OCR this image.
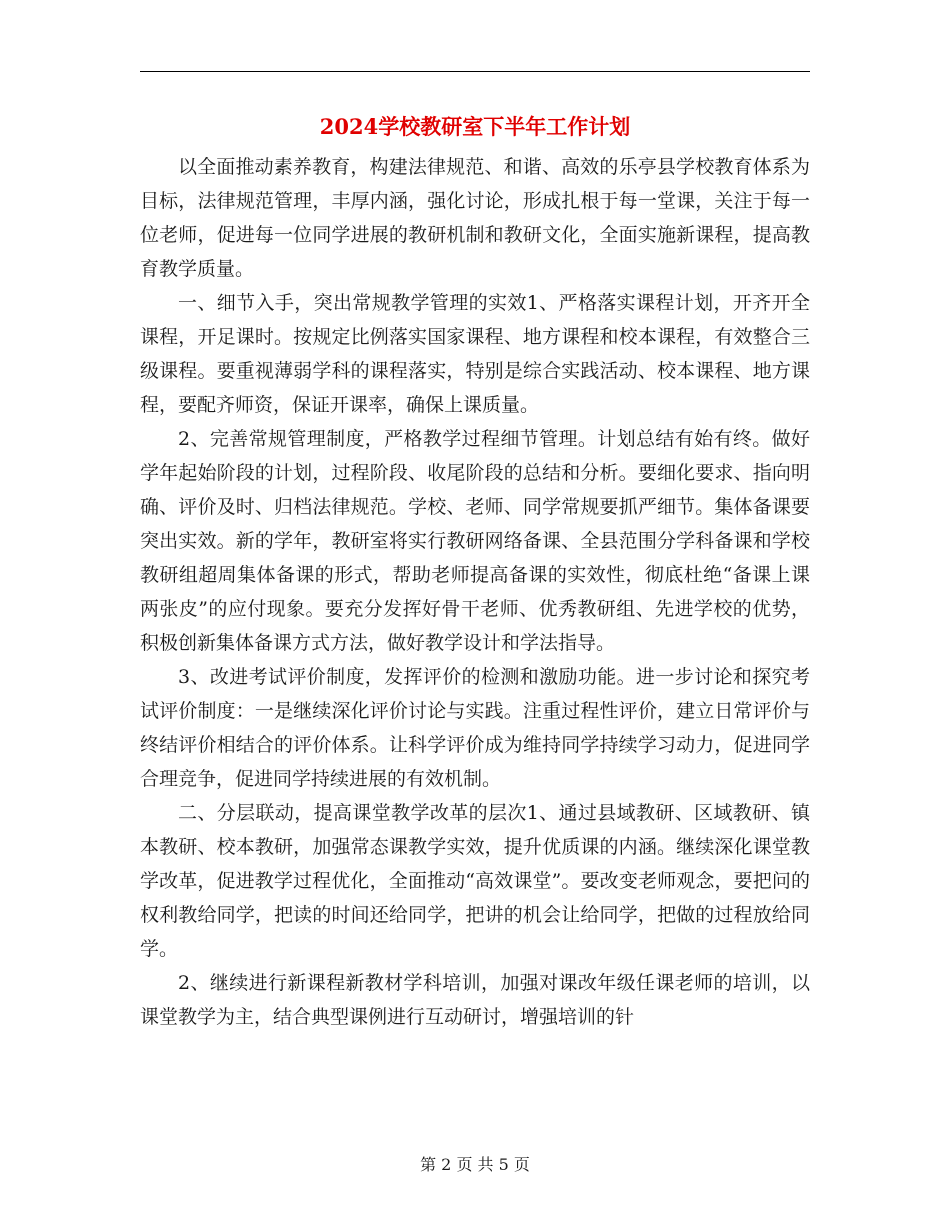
2024学校教研室下半年工作计划

以全面推动素养教育，构建法律规范、和谐、高效的乐亭县学校教育体系为目标，法律规范管理，丰厚内涵，强化讨论，形成扎根于每一堂课，关注于每一位老师，促进每一位同学进展的教研机制和教研文化，全面实施新课程，提高教育教学质量。

一、细节入手，突出常规教学管理的实效1、严格落实课程计划，开齐开全课程，开足课时。按规定比例落实国家课程、地方课程和校本课程，有效整合三级课程。要重视薄弱学科的课程落实，特别是综合实践活动、校本课程、地方课程，要配齐师资，保证开课率，确保上课质量。

2、完善常规管理制度，严格教学过程细节管理。计划总结有始有终。做好学年起始阶段的计划，过程阶段、收尾阶段的总结和分析。要细化要求、指向明确、评价及时、归档法律规范。学校、老师、同学常规要抓严细节。集体备课要突出实效。新的学年，教研室将实行教研网络备课、全县范围分学科备课和学校教研组超周集体备课的形式，帮助老师提高备课的实效性，彻底杜绝“备课上课两张皮”的应付现象。要充分发挥好骨干老师、优秀教研组、先进学校的优势，积极创新集体备课方式方法，做好教学设计和学法指导。

3、改进考试评价制度，发挥评价的检测和激励功能。进一步讨论和探究考试评价制度：一是继续深化评价讨论与实践。注重过程性评价，建立日常评价与终结评价相结合的评价体系。让科学评价成为维持同学持续学习动力，促进同学合理竞争，促进同学持续进展的有效机制。

二、分层联动，提高课堂教学改革的层次1、通过县域教研、区域教研、镇本教研、校本教研，加强常态课教学实效，提升优质课的内涵。继续深化课堂教学改革，促进教学过程优化，全面推动“高效课堂”。要改变老师观念，要把问的权利教给同学，把读的时间还给同学，把讲的机会让给同学，把做的过程放给同学。

2、继续进行新课程新教材学科培训，加强对课改年级任课老师的培训，以课堂教学为主，结合典型课例进行互动研讨，增强培训的针

第 2 页 共 5 页
